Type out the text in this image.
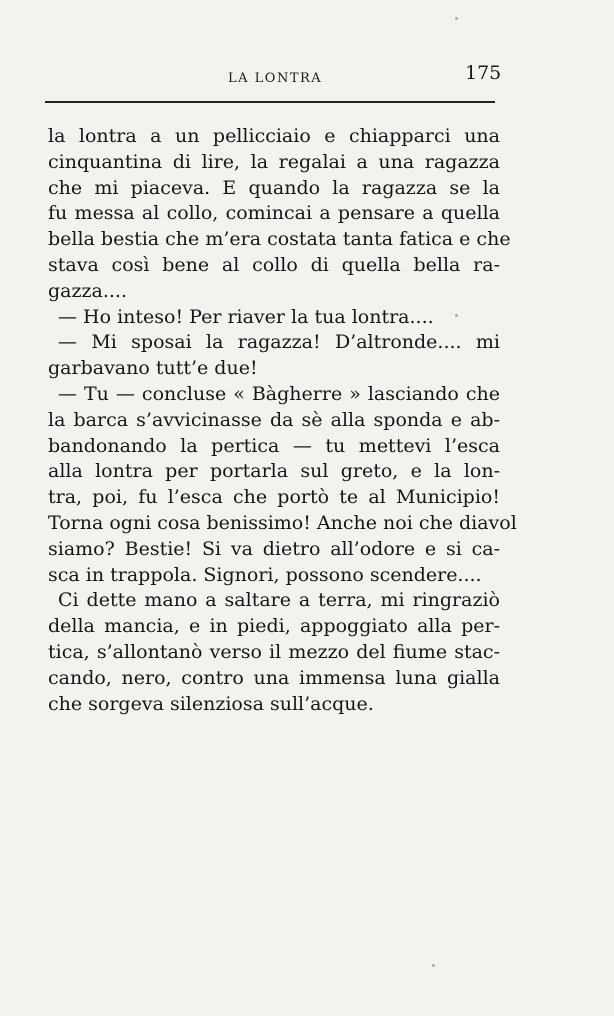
LA LONTRA	175
la lontra a un pellicciaio e chiapparci una
cinquantina di lire, la regalai a una ragazza
che mi piaceva. E quando la ragazza se la
fu messa al collo, comincai a pensare a quella
bella bestia che m’era costata tanta fatica e che
stava così bene al collo di quella bella ra-
gazza....
— Ho inteso! Per riaver la tua lontra....
— Mi sposai la ragazza! D’altronde.... mi
garbavano tutt’e due!
— Tu — concluse « Bàgherre » lasciando che
la barca s’avvicinasse da sè alla sponda e ab-
bandonando la pertica — tu mettevi l’esca
alla lontra per portarla sul greto, e la lon-
tra, poi, fu l’esca che portò te al Municipio!
Torna ogni cosa benissimo! Anche noi che diavol
siamo? Bestie! Si va dietro all’odore e si ca-
sca in trappola. Signori, possono scendere....
Ci dette mano a saltare a terra, mi ringraziò
della mancia, e in piedi, appoggiato alla per-
tica, s’allontanò verso il mezzo del fiume stac-
cando, nero, contro una immensa luna gialla
che sorgeva silenziosa sull’acque.
